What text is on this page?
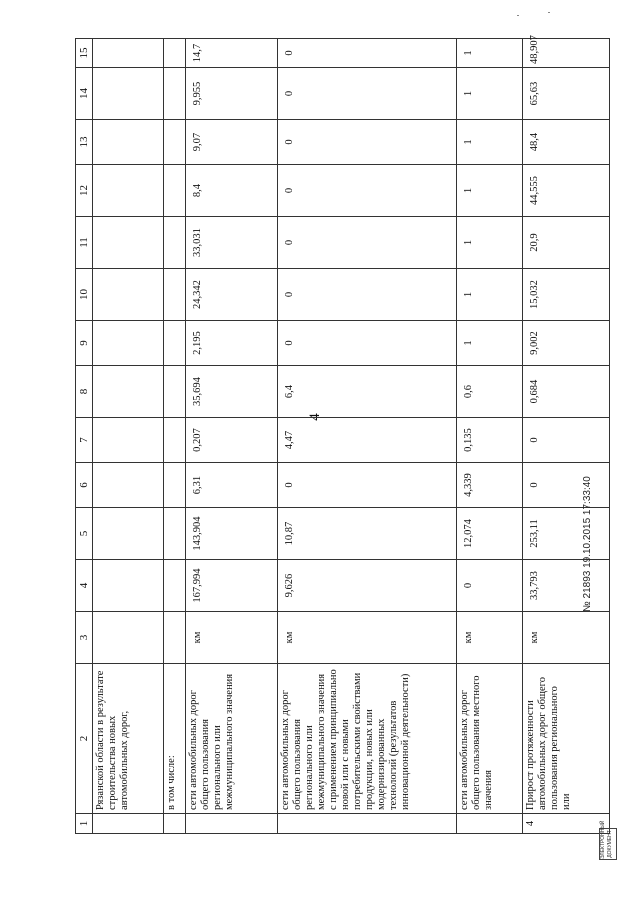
4
1	2	3	4	5	6	7	8	9	10	11	12	13	14	15
	Рязанской области в результате строительства новых автомобильных дорог,													
	в том числе:													
	сети автомобильных дорог общего пользования регионального или межмуниципального значения	км	167,994	143,904	6,31	0,207	35,694	2,195	24,342	33,031	8,4	9,07	9,955	14,7
	сети автомобильных дорог общего пользования регионального или межмуниципального значения с применением принципиально новой или с новыми потребительскими свойствами продукции, новых или модернизированных технологий (результатов инновационной деятельности)	км	9,626	10,87	0	4,47	6,4	0	0	0	0	0	0	0
	сети автомобильных дорог общего пользования местного значения	км	0	12,074	4,339	0,135	0,6	1	1	1	1	1	1	1
4	Прирост протяженности автомобильных дорог общего пользования регионального или	км	33,793	253,11	0	0	0,684	9,002	15,032	20,9	44,555	48,4	65,63	48,907
№ 21893 19.10.2015 17:33:40
ЭЛЕКТРОННЫЙ ДОКУМЕНТ
